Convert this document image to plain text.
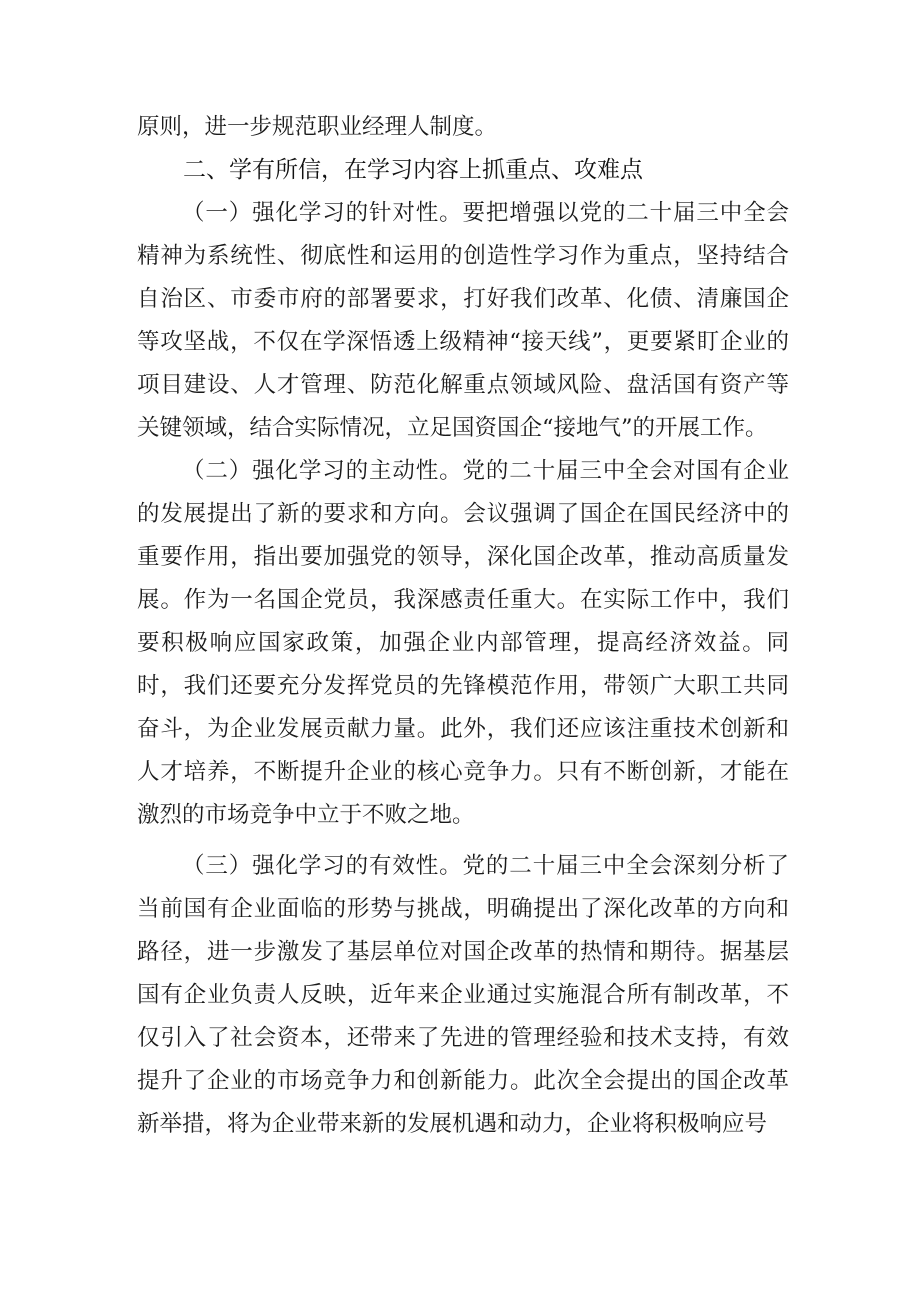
原则，进一步规范职业经理人制度。

二、学有所信，在学习内容上抓重点、攻难点

（一）强化学习的针对性。要把增强以党的二十届三中全会精神为系统性、彻底性和运用的创造性学习作为重点，坚持结合自治区、市委市府的部署要求，打好我们改革、化债、清廉国企等攻坚战，不仅在学深悟透上级精神“接天线”，更要紧盯企业的项目建设、人才管理、防范化解重点领域风险、盘活国有资产等关键领域，结合实际情况，立足国资国企“接地气”的开展工作。

（二）强化学习的主动性。党的二十届三中全会对国有企业的发展提出了新的要求和方向。会议强调了国企在国民经济中的重要作用，指出要加强党的领导，深化国企改革，推动高质量发展。作为一名国企党员，我深感责任重大。在实际工作中，我们要积极响应国家政策，加强企业内部管理，提高经济效益。同时，我们还要充分发挥党员的先锋模范作用，带领广大职工共同奋斗，为企业发展贡献力量。此外，我们还应该注重技术创新和人才培养，不断提升企业的核心竞争力。只有不断创新，才能在激烈的市场竞争中立于不败之地。

（三）强化学习的有效性。党的二十届三中全会深刻分析了当前国有企业面临的形势与挑战，明确提出了深化改革的方向和路径，进一步激发了基层单位对国企改革的热情和期待。据基层国有企业负责人反映，近年来企业通过实施混合所有制改革，不仅引入了社会资本，还带来了先进的管理经验和技术支持，有效提升了企业的市场竞争力和创新能力。此次全会提出的国企改革新举措，将为企业带来新的发展机遇和动力，企业将积极响应号
